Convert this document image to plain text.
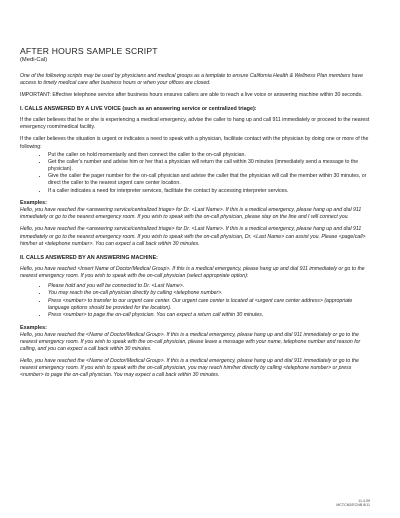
AFTER HOURS SAMPLE SCRIPT
(Medi-Cal)

One of the following scripts may be used by physicians and medical groups as a template to ensure California Health & Wellness Plan members have access to timely medical care after business hours or when your offices are closed.

IMPORTANT: Effective telephone service after business hours ensures callers are able to reach a live voice or answering machine within 30 seconds.

I. CALLS ANSWERED BY A LIVE VOICE (such as an answering service or centralized triage):

If the caller believes that he or she is experiencing a medical emergency, advise the caller to hang up and call 911 immediately or proceed to the nearest emergency room/medical facility.

If the caller believes the situation is urgent or indicates a need to speak with a physician, facilitate contact with the physician by doing one or more of the following:

• Put the caller on hold momentarily and then connect the caller to the on-call physician.
• Get the caller's number and advise him or her that a physician will return the call within 30 minutes (immediately send a message to the physician).
• Give the caller the pager number for the on-call physician and advise the caller that the physician will call the member within 30 minutes, or direct the caller to the nearest urgent care center location.
• If a caller indicates a need for interpreter services, facilitate the contact by accessing interpreter services.
Examples:

Hello, you have reached the <answering service/centralized triage> for Dr. <Last Name>. If this is a medical emergency, please hang up and dial 911 immediately or go to the nearest emergency room. If you wish to speak with the on-call physician, please stay on the line and I will connect you.

Hello, you have reached the <answering service/centralized triage> for Dr. <Last Name>. If this is a medical emergency, please hang up and dial 911 immediately or go to the nearest emergency room. If you wish to speak with the on-call physician, Dr. <Last Name> can assist you. Please <page/call> him/her at <telephone number>. You can expect a call back within 30 minutes.

II. CALLS ANSWERED BY AN ANSWERING MACHINE:

Hello, you have reached <Insert Name of Doctor/Medical Group>. If this is a medical emergency, please hang up and dial 911 immediately or go to the nearest emergency room. If you wish to speak with the on-call physician (select appropriate option):

• Please hold and you will be connected to Dr. <Last Name>.
• You may reach the on-call physician directly by calling <telephone number>.
• Press <number> to transfer to our urgent care center. Our urgent care center is located at <urgent care center address> (appropriate language options should be provided for the location).
• Press <number> to page the on-call physician. You can expect a return call within 30 minutes.
Examples:

Hello, you have reached the <Name of Doctor/Medical Group>. If this is a medical emergency, please hang up and dial 911 immediately or go to the nearest emergency room. If you wish to speak with the on-call physician, please leave a message with your name, telephone number and reason for calling, and you can expect a call back within 30 minutes.

Hello, you have reached the <Name of Doctor/Medical Group>. If this is a medical emergency, please hang up and dial 911 immediately or go to the nearest emergency room. If you wish to speak with the on-call physician, you may reach him/her directly by calling <telephone number> or press <number> to page the on-call physician. You may expect a call back within 30 minutes.

11.4.09
MCTCN2/ECNB 8/11
